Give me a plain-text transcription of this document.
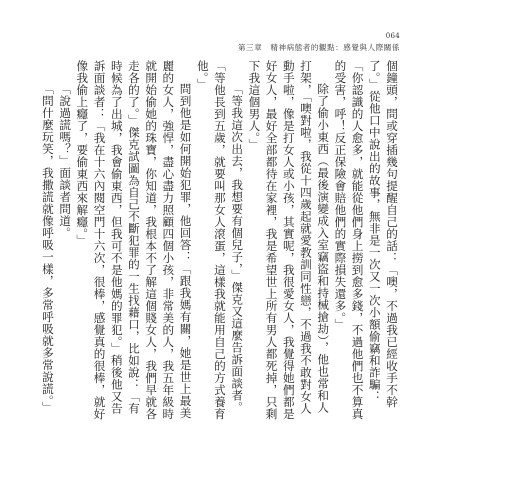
064
第三章　精神病態者的觀點：感覺與人際關係

個鐘頭，問或穿插幾句提醒自己的話：「噢，不過我已經收手不幹了。」從他口中說出的故事，無非是一次又一次小額偷竊和詐騙：「你認識的人愈多，就能從他們身上撈到愈多錢，不過他們也不算真的受害，呼！反正保險會賠他們的實際損失還多。」

除了偷小東西（最後演變成入室竊盜和持械搶劫），他也常和人打架，「噢對啦，我從十四歲起就愛教訓同性戀，不過我不敢對女人動手啦，像是打女人或小孩，其實呢，我很愛女人，我覺得她們都是好女人，最好全部都待在家裡，我是希望世上所有男人都死掉，只剩下我這個男人。」

「等我這次出去，我想要有個兒子，」傑克又這麼告訴面談者。「等他長到五歲，就要叫那女人滾蛋，這樣我就能用自己的方式養育他。」

問到他是如何開始犯罪，他回答：「跟我媽有關，她是世上最美麗的女人，強悍，盡心盡力照顧四個小孩，非常美的人，我五年級時就開始偷她的珠寶，你知道，我根本不了解這個賤女人，我們早就各走各的了。」傑克試圖為自己不斷犯罪的一生找藉口，比如說：「有時候為了出城，我會偷東西，但我可不是他媽的罪犯。」稍後他又告訴面談者：「我在十六內閱空門十六次，很棒，感覺真的很棒，就好像我偷上癮了，要偷東西來解癮。」

「說過謊嗎？」面談者問道。

「問什麼玩笑，我撒謊就像呼吸一樣，多常呼吸就多常說謊。」
